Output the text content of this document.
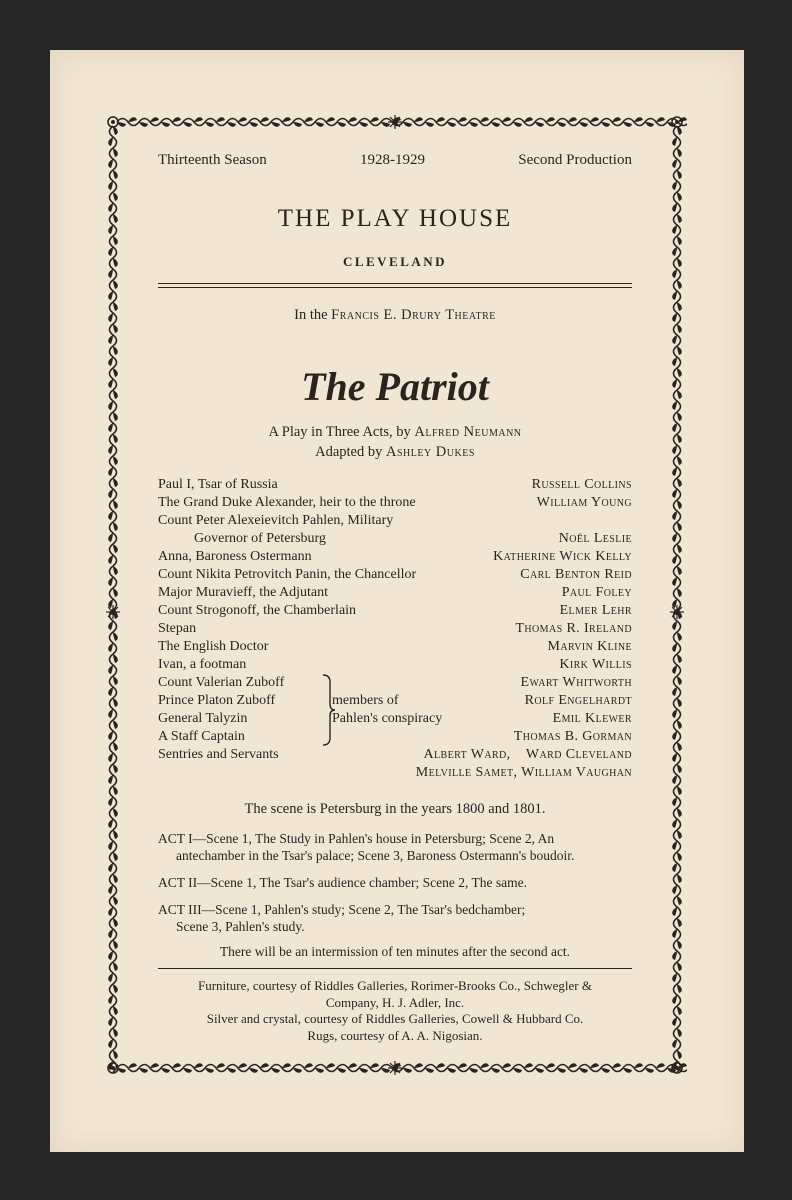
Thirteenth Season	1928-1929	Second Production
THE PLAY HOUSE
CLEVELAND
In the Francis E. Drury Theatre
The Patriot
A Play in Three Acts, by Alfred Neumann
Adapted by Ashley Dukes
Paul I, Tsar of Russia	Russell Collins
The Grand Duke Alexander, heir to the throne	William Young
Count Peter Alexeievitch Pahlen, Military
Governor of Petersburg	Noël Leslie
Anna, Baroness Ostermann	Katherine Wick Kelly
Count Nikita Petrovitch Panin, the Chancellor	Carl Benton Reid
Major Muravieff, the Adjutant	Paul Foley
Count Strogonoff, the Chamberlain	Elmer Lehr
Stepan	Thomas R. Ireland
The English Doctor	Marvin Kline
Ivan, a footman	Kirk Willis
Count Valerian Zuboff	Ewart Whitworth
Prince Platon Zuboff	Rolf Engelhardt
General Talyzin	Emil Klewer
A Staff Captain	Thomas B. Gorman
members of
Pahlen's conspiracy
Sentries and Servants	Albert Ward,    Ward Cleveland
Melville Samet, William Vaughan
The scene is Petersburg in the years 1800 and 1801.
ACT I—Scene 1, The Study in Pahlen's house in Petersburg; Scene 2, An
antechamber in the Tsar's palace; Scene 3, Baroness Ostermann's boudoir.
ACT II—Scene 1, The Tsar's audience chamber; Scene 2, The same.
ACT III—Scene 1, Pahlen's study; Scene 2, The Tsar's bedchamber;
Scene 3, Pahlen's study.
There will be an intermission of ten minutes after the second act.
Furniture, courtesy of Riddles Galleries, Rorimer-Brooks Co., Schwegler &
Company, H. J. Adler, Inc.
Silver and crystal, courtesy of Riddles Galleries, Cowell & Hubbard Co.
Rugs, courtesy of A. A. Nigosian.
